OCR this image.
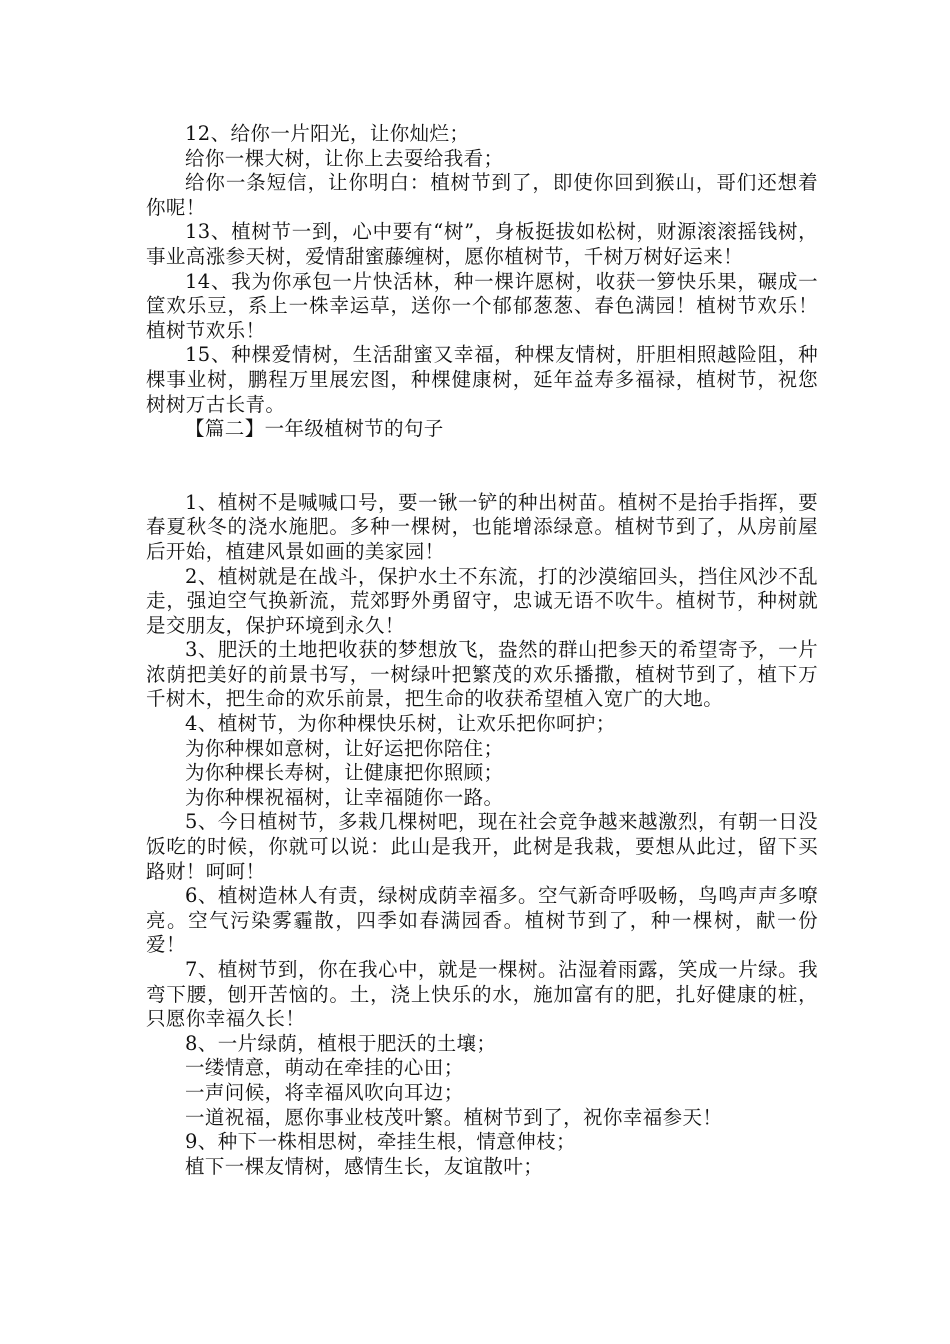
12、给你一片阳光，让你灿烂；

给你一棵大树，让你上去耍给我看；

给你一条短信，让你明白：植树节到了，即使你回到猴山，哥们还想着你呢！

13、植树节一到，心中要有“树”，身板挺拔如松树，财源滚滚摇钱树，事业高涨参天树，爱情甜蜜藤缠树，愿你植树节，千树万树好运来！

14、我为你承包一片快活林，种一棵许愿树，收获一箩快乐果，碾成一筐欢乐豆，系上一株幸运草，送你一个郁郁葱葱、春色满园！植树节欢乐！植树节欢乐！

15、种棵爱情树，生活甜蜜又幸福，种棵友情树，肝胆相照越险阻，种棵事业树，鹏程万里展宏图，种棵健康树，延年益寿多福禄，植树节，祝您树树万古长青。

【篇二】一年级植树节的句子

1、植树不是喊喊口号，要一锹一铲的种出树苗。植树不是抬手指挥，要春夏秋冬的浇水施肥。多种一棵树，也能增添绿意。植树节到了，从房前屋后开始，植建风景如画的美家园！

2、植树就是在战斗，保护水土不东流，打的沙漠缩回头，挡住风沙不乱走，强迫空气换新流，荒郊野外勇留守，忠诚无语不吹牛。植树节，种树就是交朋友，保护环境到永久！

3、肥沃的土地把收获的梦想放飞，盎然的群山把参天的希望寄予，一片浓荫把美好的前景书写，一树绿叶把繁茂的欢乐播撒，植树节到了，植下万千树木，把生命的欢乐前景，把生命的收获希望植入宽广的大地。

4、植树节，为你种棵快乐树，让欢乐把你呵护；

为你种棵如意树，让好运把你陪住；

为你种棵长寿树，让健康把你照顾；

为你种棵祝福树，让幸福随你一路。

5、今日植树节，多栽几棵树吧，现在社会竞争越来越激烈，有朝一日没饭吃的时候，你就可以说：此山是我开，此树是我栽，要想从此过，留下买路财！呵呵！

6、植树造林人有责，绿树成荫幸福多。空气新奇呼吸畅，鸟鸣声声多嘹亮。空气污染雾霾散，四季如春满园香。植树节到了，种一棵树，献一份爱！

7、植树节到，你在我心中，就是一棵树。沾湿着雨露，笑成一片绿。我弯下腰，刨开苦恼的。土，浇上快乐的水，施加富有的肥，扎好健康的桩，只愿你幸福久长！

8、一片绿荫，植根于肥沃的土壤；

一缕情意，萌动在牵挂的心田；

一声问候，将幸福风吹向耳边；

一道祝福，愿你事业枝茂叶繁。植树节到了，祝你幸福参天！

9、种下一株相思树，牵挂生根，情意伸枝；

植下一棵友情树，感情生长，友谊散叶；
